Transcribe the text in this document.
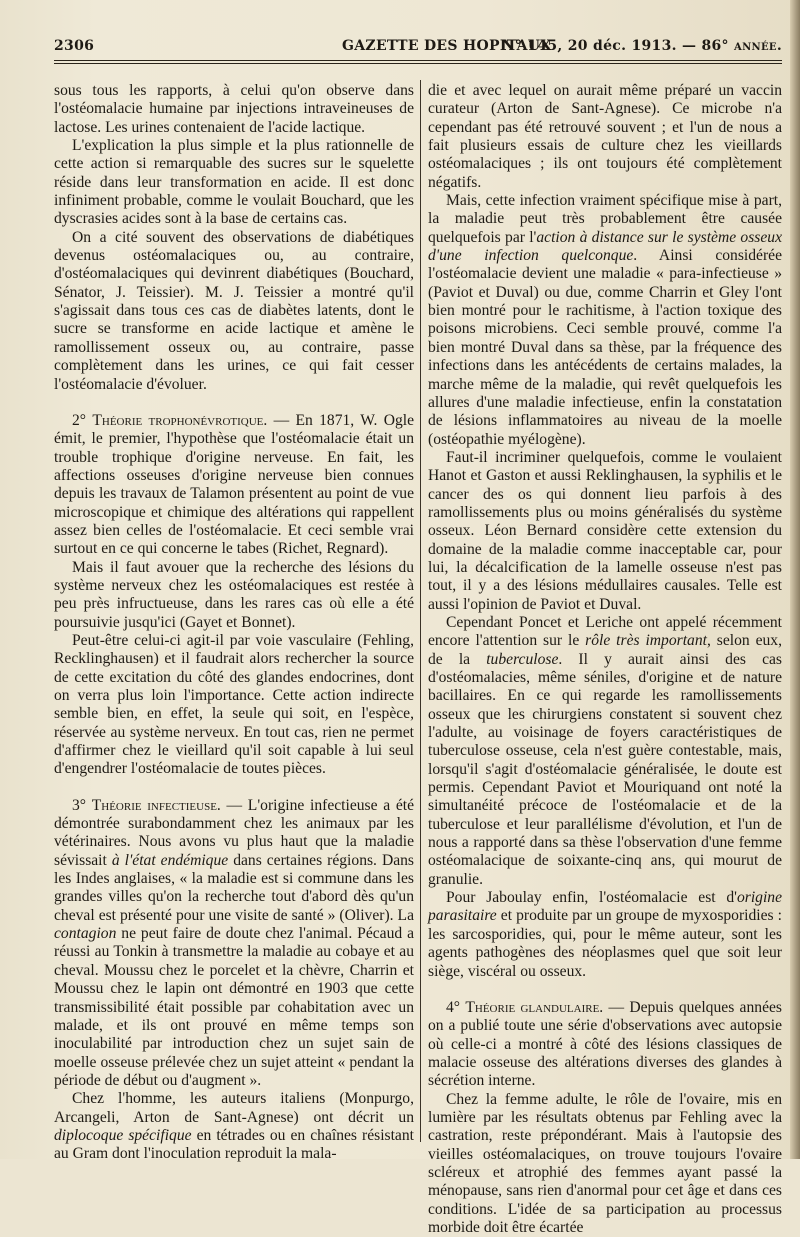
2306	GAZETTE DES HOPITAUX
N° 145, 20 déc. 1913. — 86° année.

sous tous les rapports, à celui qu'on observe dans l'ostéomalacie humaine par injections intraveineuses de lactose. Les urines contenaient de l'acide lactique.

L'explication la plus simple et la plus rationnelle de cette action si remarquable des sucres sur le squelette réside dans leur transformation en acide. Il est donc infiniment probable, comme le voulait Bouchard, que les dyscrasies acides sont à la base de certains cas.

On a cité souvent des observations de diabétiques devenus ostéomalaciques ou, au contraire, d'ostéomalaciques qui devinrent diabétiques (Bouchard, Sénator, J. Teissier). M. J. Teissier a montré qu'il s'agissait dans tous ces cas de diabètes latents, dont le sucre se transforme en acide lactique et amène le ramollissement osseux ou, au contraire, passe complètement dans les urines, ce qui fait cesser l'ostéomalacie d'évoluer.

2° Théorie trophonévrotique. — En 1871, W. Ogle émit, le premier, l'hypothèse que l'ostéomalacie était un trouble trophique d'origine nerveuse. En fait, les affections osseuses d'origine nerveuse bien connues depuis les travaux de Talamon présentent au point de vue microscopique et chimique des altérations qui rappellent assez bien celles de l'ostéomalacie. Et ceci semble vrai surtout en ce qui concerne le tabes (Richet, Regnard).

Mais il faut avouer que la recherche des lésions du système nerveux chez les ostéomalaciques est restée à peu près infructueuse, dans les rares cas où elle a été poursuivie jusqu'ici (Gayet et Bonnet).

Peut-être celui-ci agit-il par voie vasculaire (Fehling, Recklinghausen) et il faudrait alors rechercher la source de cette excitation du côté des glandes endocrines, dont on verra plus loin l'importance. Cette action indirecte semble bien, en effet, la seule qui soit, en l'espèce, réservée au système nerveux. En tout cas, rien ne permet d'affirmer chez le vieillard qu'il soit capable à lui seul d'engendrer l'ostéomalacie de toutes pièces.

3° Théorie infectieuse. — L'origine infectieuse a été démontrée surabondamment chez les animaux par les vétérinaires. Nous avons vu plus haut que la maladie sévissait à l'état endémique dans certaines régions. Dans les Indes anglaises, « la maladie est si commune dans les grandes villes qu'on la recherche tout d'abord dès qu'un cheval est présenté pour une visite de santé » (Oliver). La contagion ne peut faire de doute chez l'animal. Pécaud a réussi au Tonkin à transmettre la maladie au cobaye et au cheval. Moussu chez le porcelet et la chèvre, Charrin et Moussu chez le lapin ont démontré en 1903 que cette transmissibilité était possible par cohabitation avec un malade, et ils ont prouvé en même temps son inoculabilité par introduction chez un sujet sain de moelle osseuse prélevée chez un sujet atteint « pendant la période de début ou d'augment ».

Chez l'homme, les auteurs italiens (Monpurgo, Arcangeli, Arton de Sant-Agnese) ont décrit un diplocoque spécifique en tétrades ou en chaînes résistant au Gram dont l'inoculation reproduit la mala-

die et avec lequel on aurait même préparé un vaccin curateur (Arton de Sant-Agnese). Ce microbe n'a cependant pas été retrouvé souvent ; et l'un de nous a fait plusieurs essais de culture chez les vieillards ostéomalaciques ; ils ont toujours été complètement négatifs.

Mais, cette infection vraiment spécifique mise à part, la maladie peut très probablement être causée quelquefois par l'action à distance sur le système osseux d'une infection quelconque. Ainsi considérée l'ostéomalacie devient une maladie « para-infectieuse » (Paviot et Duval) ou due, comme Charrin et Gley l'ont bien montré pour le rachitisme, à l'action toxique des poisons microbiens. Ceci semble prouvé, comme l'a bien montré Duval dans sa thèse, par la fréquence des infections dans les antécédents de certains malades, la marche même de la maladie, qui revêt quelquefois les allures d'une maladie infectieuse, enfin la constatation de lésions inflammatoires au niveau de la moelle (ostéopathie myélogène).

Faut-il incriminer quelquefois, comme le voulaient Hanot et Gaston et aussi Reklinghausen, la syphilis et le cancer des os qui donnent lieu parfois à des ramollissements plus ou moins généralisés du système osseux. Léon Bernard considère cette extension du domaine de la maladie comme inacceptable car, pour lui, la décalcification de la lamelle osseuse n'est pas tout, il y a des lésions médullaires causales. Telle est aussi l'opinion de Paviot et Duval.

Cependant Poncet et Leriche ont appelé récemment encore l'attention sur le rôle très important, selon eux, de la tuberculose. Il y aurait ainsi des cas d'ostéomalacies, même séniles, d'origine et de nature bacillaires. En ce qui regarde les ramollissements osseux que les chirurgiens constatent si souvent chez l'adulte, au voisinage de foyers caractéristiques de tuberculose osseuse, cela n'est guère contestable, mais, lorsqu'il s'agit d'ostéomalacie généralisée, le doute est permis. Cependant Paviot et Mouriquand ont noté la simultanéité précoce de l'ostéomalacie et de la tuberculose et leur parallélisme d'évolution, et l'un de nous a rapporté dans sa thèse l'observation d'une femme ostéomalacique de soixante-cinq ans, qui mourut de granulie.

Pour Jaboulay enfin, l'ostéomalacie est d'origine parasitaire et produite par un groupe de myxosporidies : les sarcosporidies, qui, pour le même auteur, sont les agents pathogènes des néoplasmes quel que soit leur siège, viscéral ou osseux.

4° Théorie glandulaire. — Depuis quelques années on a publié toute une série d'observations avec autopsie où celle-ci a montré à côté des lésions classiques de malacie osseuse des altérations diverses des glandes à sécrétion interne.

Chez la femme adulte, le rôle de l'ovaire, mis en lumière par les résultats obtenus par Fehling avec la castration, reste prépondérant. Mais à l'autopsie des vieilles ostéomalaciques, on trouve toujours l'ovaire scléreux et atrophié des femmes ayant passé la ménopause, sans rien d'anormal pour cet âge et dans ces conditions. L'idée de sa participation au processus morbide doit être écartée
